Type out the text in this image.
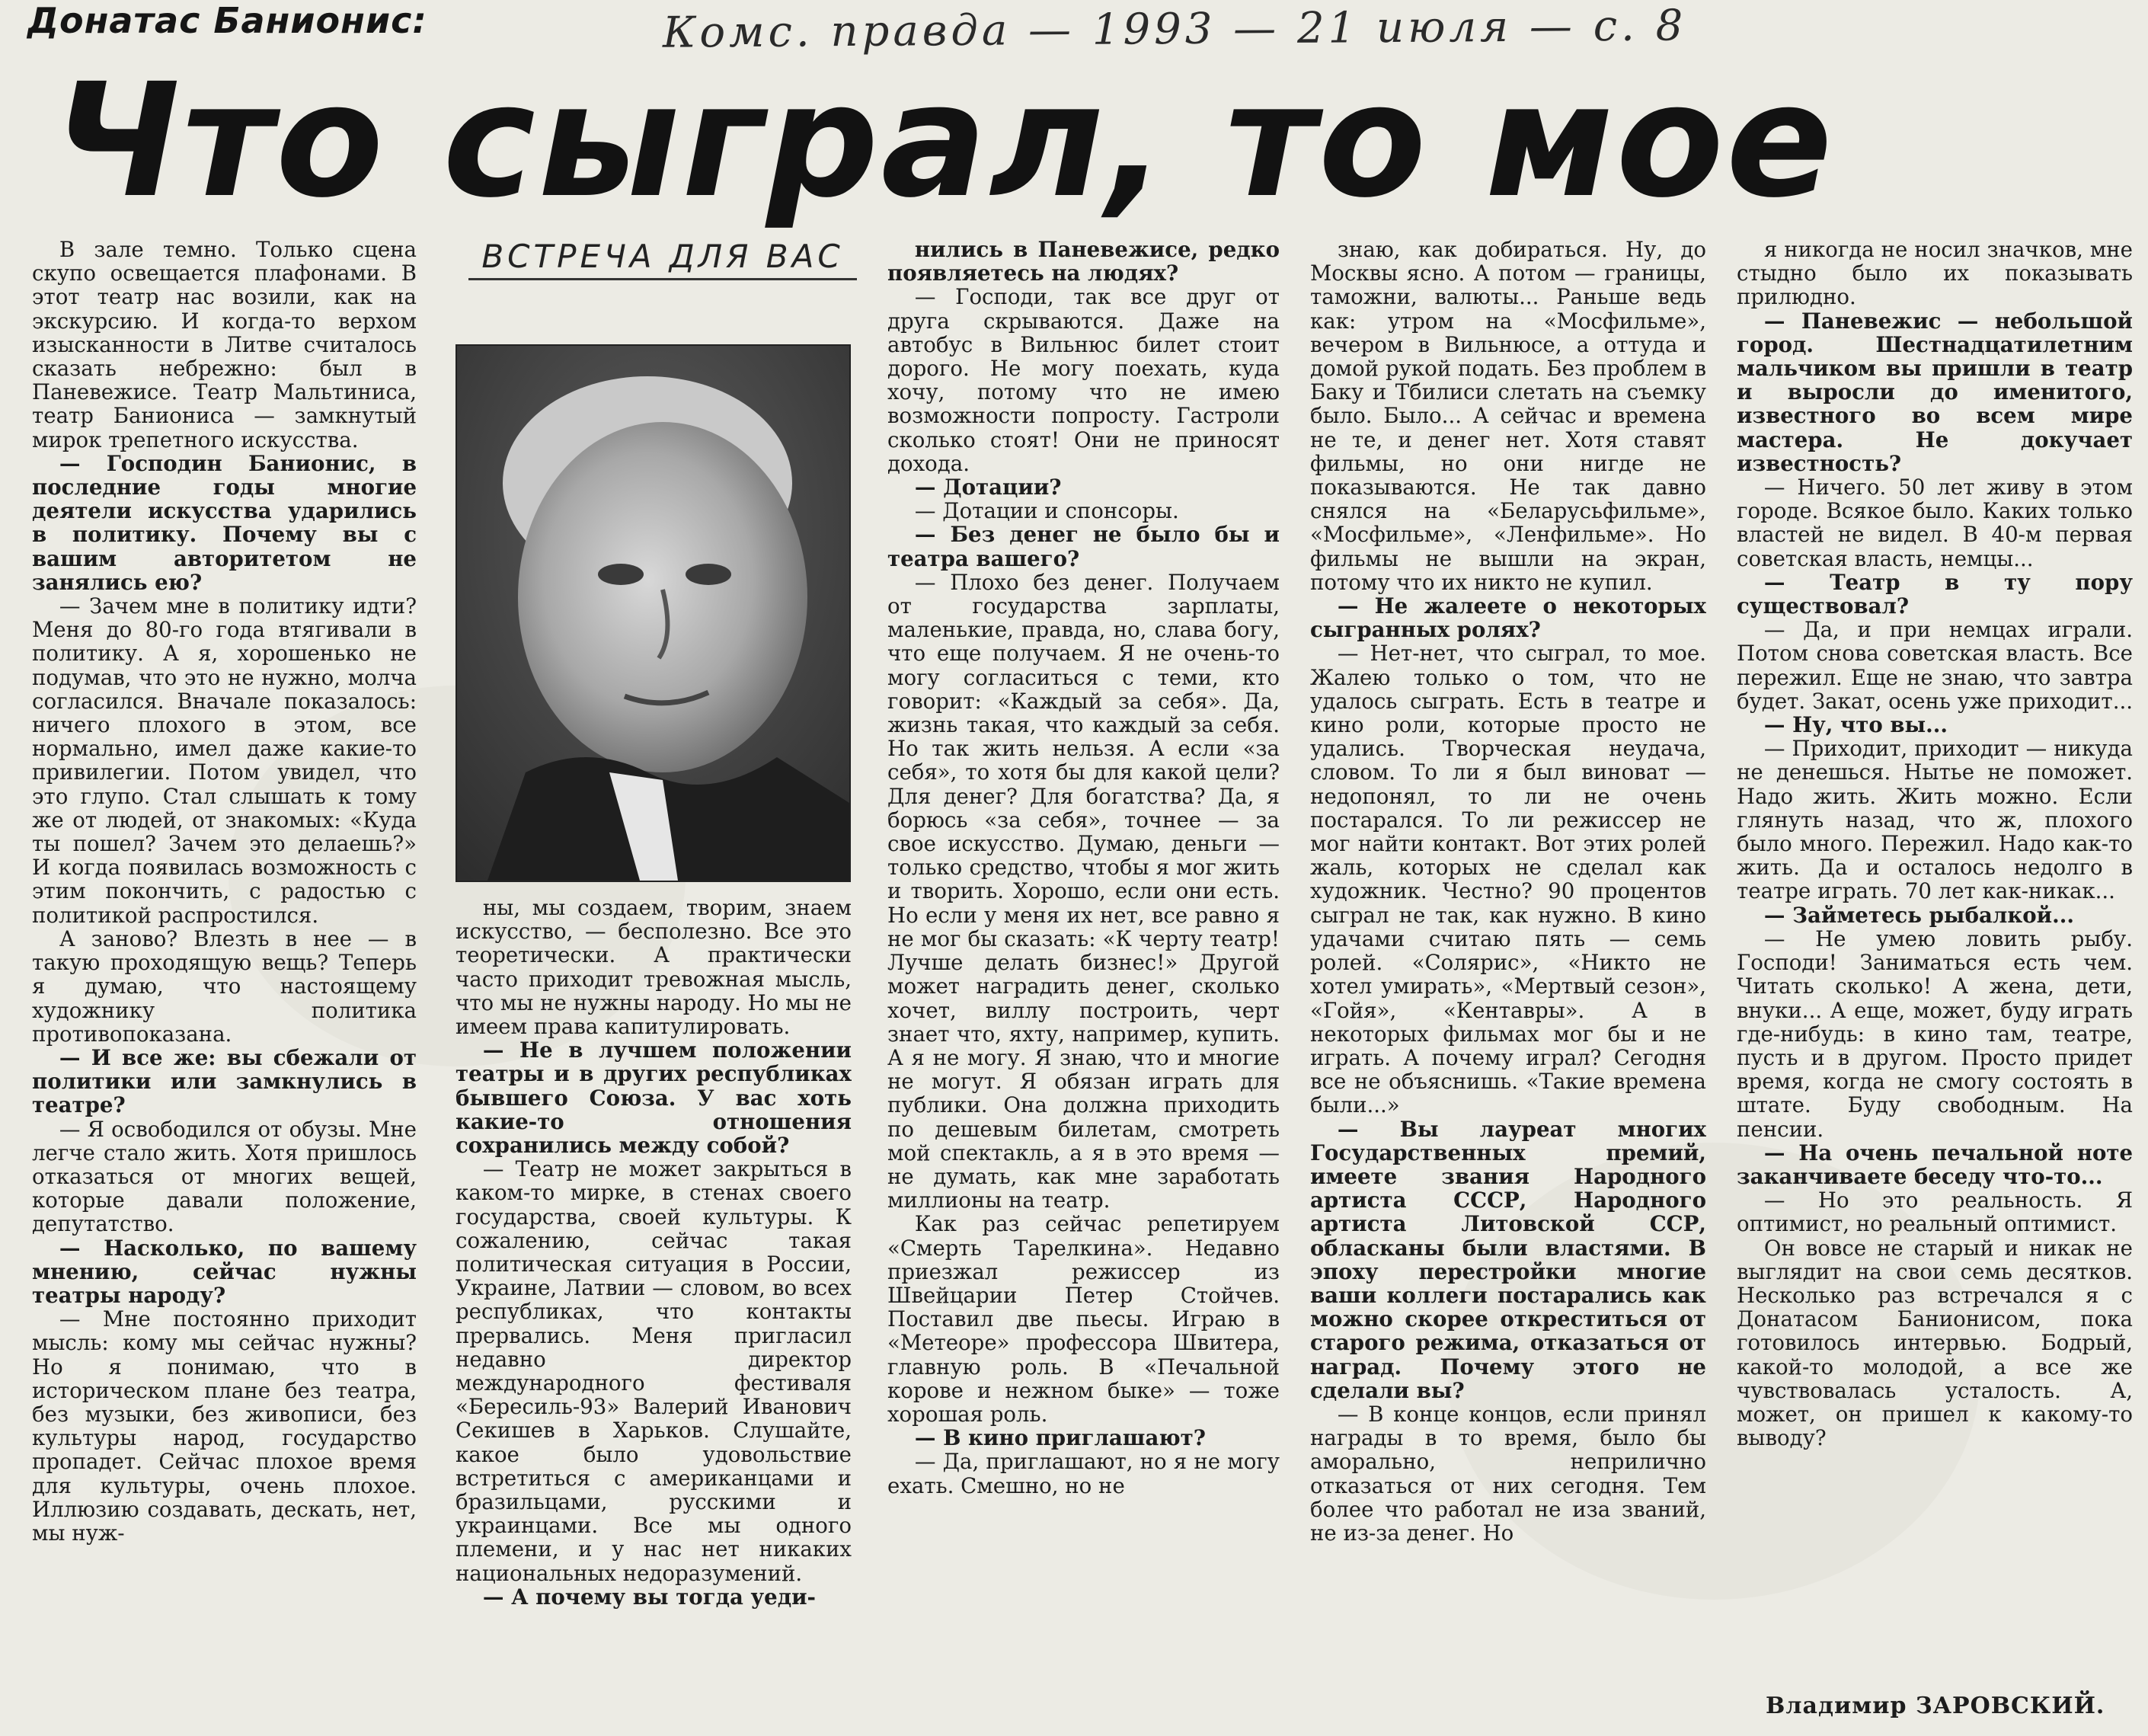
Донатас Банионис:	Комс. правда — 1993 — 21 июля — с. 8
Что сыграл, то мое
ВСТРЕЧА ДЛЯ ВАС

В зале темно. Только сцена скупо освещается плафонами. В этот театр нас возили, как на экскурсию. И когда-то верхом изысканности в Литве считалось сказать небрежно: был в Паневежисе. Театр Мальтиниса, театр Баниониса — замкнутый мирок трепетного искусства.

— Господин Банионис, в последние годы многие деятели искусства ударились в политику. Почему вы с вашим авторитетом не занялись ею?

— Зачем мне в политику идти? Меня до 80-го года втягивали в политику. А я, хорошенько не подумав, что это не нужно, молча согласился. Вначале показалось: ничего плохого в этом, все нормально, имел даже какие-то привилегии. Потом увидел, что это глупо. Стал слышать к тому же от людей, от знакомых: «Куда ты пошел? Зачем это делаешь?» И когда появилась возможность с этим покончить, с радостью с политикой распростился.

А заново? Влезть в нее — в такую проходящую вещь? Теперь я думаю, что настоящему художнику политика противопоказана.

— И все же: вы сбежали от политики или замкнулись в театре?

— Я освободился от обузы. Мне легче стало жить. Хотя пришлось отказаться от многих вещей, которые давали положение, депутатство.

— Насколько, по вашему мнению, сейчас нужны театры народу?

— Мне постоянно приходит мысль: кому мы сейчас нужны? Но я понимаю, что в историческом плане без театра, без музыки, без живописи, без культуры народ, государство пропадет. Сейчас плохое время для культуры, очень плохое. Иллюзию создавать, дескать, нет, мы нуж-

ны, мы создаем, творим, знаем искусство, — бесполезно. Все это теоретически. А практически часто приходит тревожная мысль, что мы не нужны народу. Но мы не имеем права капитулировать.

— Не в лучшем положении театры и в других республиках бывшего Союза. У вас хоть какие-то отношения сохранились между собой?

— Театр не может закрыться в каком-то мирке, в стенах своего государства, своей культуры. К сожалению, сейчас такая политическая ситуация в России, Украине, Латвии — словом, во всех республиках, что контакты прервались. Меня пригласил недавно директор международного фестиваля «Бересиль-93» Валерий Иванович Секишев в Харьков. Слушайте, какое было удовольствие встретиться с американцами и бразильцами, русскими и украинцами. Все мы одного племени, и у нас нет никаких национальных недоразумений.

— А почему вы тогда уеди-

нились в Паневежисе, редко появляетесь на людях?

— Господи, так все друг от друга скрываются. Даже на автобус в Вильнюс билет стоит дорого. Не могу поехать, куда хочу, потому что не имею возможности попросту. Гастроли сколько стоят! Они не приносят дохода.

— Дотации?

— Дотации и спонсоры.

— Без денег не было бы и театра вашего?

— Плохо без денег. Получаем от государства зарплаты, маленькие, правда, но, слава богу, что еще получаем. Я не очень-то могу согласиться с теми, кто говорит: «Каждый за себя». Да, жизнь такая, что каждый за себя. Но так жить нельзя. А если «за себя», то хотя бы для какой цели? Для денег? Для богатства? Да, я борюсь «за себя», точнее — за свое искусство. Думаю, деньги — только средство, чтобы я мог жить и творить. Хорошо, если они есть. Но если у меня их нет, все равно я не мог бы сказать: «К черту театр! Лучше делать бизнес!» Другой может наградить денег, сколько хочет, виллу построить, черт знает что, яхту, например, купить. А я не могу. Я знаю, что и многие не могут. Я обязан играть для публики. Она должна приходить по дешевым билетам, смотреть мой спектакль, а я в это время — не думать, как мне заработать миллионы на театр.

Как раз сейчас репетируем «Смерть Тарелкина». Недавно приезжал режиссер из Швейцарии Петер Стойчев. Поставил две пьесы. Играю в «Метеоре» профессора Швитера, главную роль. В «Печальной корове и нежном быке» — тоже хорошая роль.

— В кино приглашают?

— Да, приглашают, но я не могу ехать. Смешно, но не

знаю, как добираться. Ну, до Москвы ясно. А потом — границы, таможни, валюты... Раньше ведь как: утром на «Мосфильме», вечером в Вильнюсе, а оттуда и домой рукой подать. Без проблем в Баку и Тбилиси слетать на съемку было. Было... А сейчас и времена не те, и денег нет. Хотя ставят фильмы, но они нигде не показываются. Не так давно снялся на «Беларусьфильме», «Мосфильме», «Ленфильме». Но фильмы не вышли на экран, потому что их никто не купил.

— Не жалеете о некоторых сыгранных ролях?

— Нет-нет, что сыграл, то мое. Жалею только о том, что не удалось сыграть. Есть в театре и кино роли, которые просто не удались. Творческая неудача, словом. То ли я был виноват — недопонял, то ли не очень постарался. То ли режиссер не мог найти контакт. Вот этих ролей жаль, которых не сделал как художник. Честно? 90 процентов сыграл не так, как нужно. В кино удачами считаю пять — семь ролей. «Солярис», «Никто не хотел умирать», «Мертвый сезон», «Гойя», «Кентавры». А в некоторых фильмах мог бы и не играть. А почему играл? Сегодня все не объяснишь. «Такие времена были...»

— Вы лауреат многих Государственных премий, имеете звания Народного артиста СССР, Народного артиста Литовской ССР, обласканы были властями. В эпоху перестройки многие ваши коллеги постарались как можно скорее откреститься от старого режима, отказаться от наград. Почему этого не сделали вы?

— В конце концов, если принял награды в то время, было бы аморально, неприлично отказаться от них сегодня. Тем более что работал не иза званий, не из-за денег. Но

я никогда не носил значков, мне стыдно было их показывать прилюдно.

— Паневежис — небольшой город. Шестнадцатилетним мальчиком вы пришли в театр и выросли до именитого, известного во всем мире мастера. Не докучает известность?

— Ничего. 50 лет живу в этом городе. Всякое было. Каких только властей не видел. В 40-м первая советская власть, немцы...

— Театр в ту пору существовал?

— Да, и при немцах играли. Потом снова советская власть. Все пережил. Еще не знаю, что завтра будет. Закат, осень уже приходит...

— Ну, что вы...

— Приходит, приходит — никуда не денешься. Нытье не поможет. Надо жить. Жить можно. Если глянуть назад, что ж, плохого было много. Пережил. Надо как-то жить. Да и осталось недолго в театре играть. 70 лет как-никак...

— Займетесь рыбалкой...

— Не умею ловить рыбу. Господи! Заниматься есть чем. Читать сколько! А жена, дети, внуки... А еще, может, буду играть где-нибудь: в кино там, театре, пусть и в другом. Просто придет время, когда не смогу состоять в штате. Буду свободным. На пенсии.

— На очень печальной ноте заканчиваете беседу что-то...

— Но это реальность. Я оптимист, но реальный оптимист.

Он вовсе не старый и никак не выглядит на свои семь десятков. Несколько раз встречался я с Донатасом Банионисом, пока готовилось интервью. Бодрый, какой-то молодой, а все же чувствовалась усталость. А, может, он пришел к какому-то выводу?

Владимир ЗАРОВСКИЙ.
